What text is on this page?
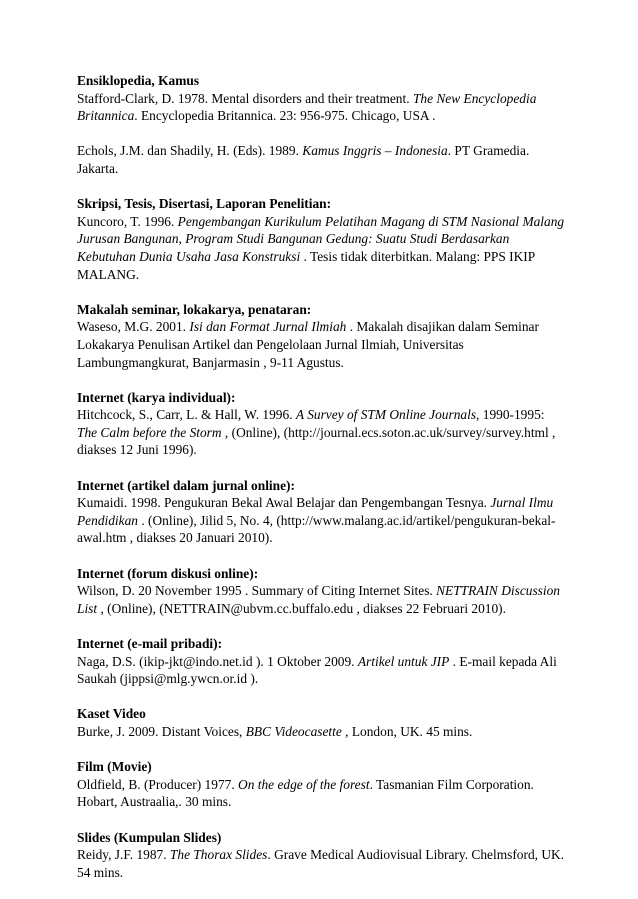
Ensiklopedia, Kamus

Stafford-Clark, D. 1978. Mental disorders and their treatment. The New Encyclopedia Britannica. Encyclopedia Britannica. 23: 956-975. Chicago, USA .

Echols, J.M. dan Shadily, H. (Eds). 1989. Kamus Inggris – Indonesia. PT Gramedia. Jakarta.

Skripsi, Tesis, Disertasi, Laporan Penelitian:

Kuncoro, T. 1996. Pengembangan Kurikulum Pelatihan Magang di STM Nasional Malang Jurusan Bangunan, Program Studi Bangunan Gedung: Suatu Studi Berdasarkan Kebutuhan Dunia Usaha Jasa Konstruksi . Tesis tidak diterbitkan. Malang: PPS IKIP MALANG.

Makalah seminar, lokakarya, penataran:

Waseso, M.G. 2001. Isi dan Format Jurnal Ilmiah . Makalah disajikan dalam Seminar Lokakarya Penulisan Artikel dan Pengelolaan Jurnal Ilmiah, Universitas Lambungmangkurat, Banjarmasin , 9-11 Agustus.

Internet (karya individual):

Hitchcock, S., Carr, L. & Hall, W. 1996. A Survey of STM Online Journals, 1990-1995: The Calm before the Storm , (Online), (http://journal.ecs.soton.ac.uk/survey/survey.html , diakses 12 Juni 1996).

Internet (artikel dalam jurnal online):

Kumaidi. 1998. Pengukuran Bekal Awal Belajar dan Pengembangan Tesnya. Jurnal Ilmu Pendidikan . (Online), Jilid 5, No. 4, (http://www.malang.ac.id/artikel/pengukuran-bekal-awal.htm , diakses 20 Januari 2010).

Internet (forum diskusi online):

Wilson, D. 20 November 1995 . Summary of Citing Internet Sites. NETTRAIN Discussion List , (Online), (NETTRAIN@ubvm.cc.buffalo.edu , diakses 22 Februari 2010).

Internet (e-mail pribadi):

Naga, D.S. (ikip-jkt@indo.net.id ). 1 Oktober 2009. Artikel untuk JIP . E-mail kepada Ali Saukah (jippsi@mlg.ywcn.or.id ).

Kaset Video

Burke, J. 2009. Distant Voices, BBC Videocasette , London, UK. 45 mins.

Film (Movie)

Oldfield, B. (Producer) 1977. On the edge of the forest. Tasmanian Film Corporation. Hobart, Austraalia,. 30 mins.

Slides (Kumpulan Slides)

Reidy, J.F. 1987. The Thorax Slides. Grave Medical Audiovisual Library. Chelmsford, UK. 54 mins.
